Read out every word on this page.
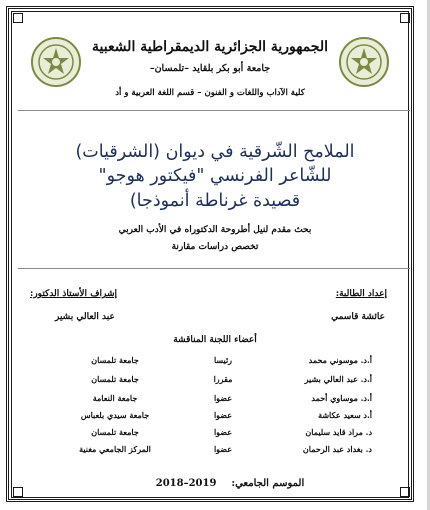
الجمهورية الجزائرية الديمقراطية الشعبية
جامعة أبو بكر بلقايد –تلمسان–
كلية الآداب واللغات و الفنون – قسم اللغة العربية و أد
الملامح الشّرقية في ديوان (الشرقيات)
للشّاعر الفرنسي "فيكتور هوجو"
قصيدة غرناطة أنموذجا)
بحث مقدم لنيل أطروحة الدكتوراه في الأدب العربي
تخصص دراسات مقارنة
إعداد الطالبة:
إشراف الأستاذ الدكتور:
عائشة قاسمي
عبد العالي بشير
أعضاء اللجنة المناقشة
أ.د. موسوني محمد
رئيسا
جامعة تلمسان
أ.د. عبد العالي بشير
مقررا
جامعة تلمسان
أ.د. موساوي أحمد
عضوا
جامعة النعامة
أ.د سعيد عكاشة
عضوا
جامعة سيدي بلعباس
د. مراد قايد سليمان
عضوا
جامعة تلمسان
د. بغداد عبد الرحمان
عضوا
المركز الجامعي مغنية
الموسم الجامعي:  2018–2019
